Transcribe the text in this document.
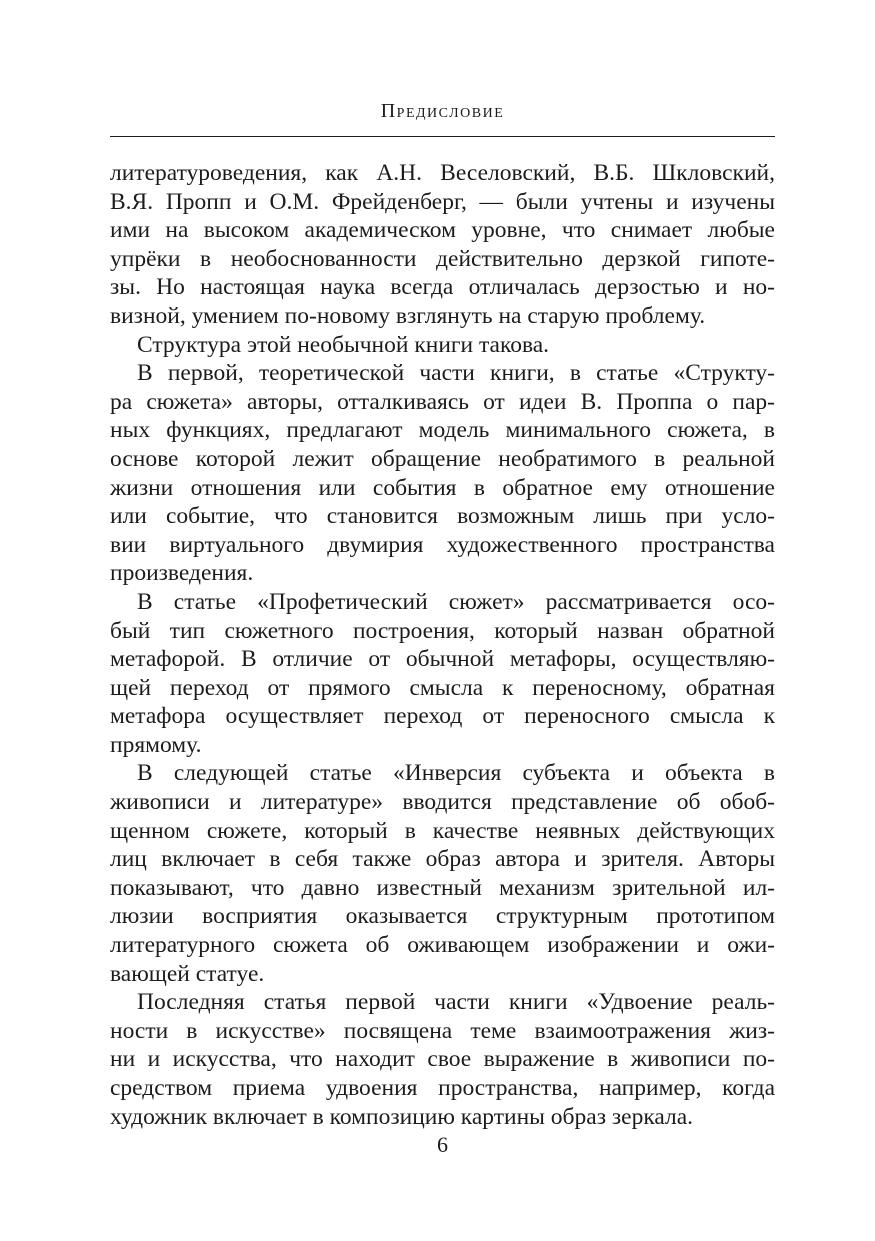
Предисловие
литературоведения, как А.Н. Веселовский, В.Б. Шкловский,
В.Я. Пропп и О.М. Фрейденберг, — были учтены и изучены
ими на высоком академическом уровне, что снимает любые
упрёки в необоснованности действительно дерзкой гипоте-
зы. Но настоящая наука всегда отличалась дерзостью и но-
визной, умением по-новому взглянуть на старую проблему.
Структура этой необычной книги такова.
В первой, теоретической части книги, в статье «Структу-
ра сюжета» авторы, отталкиваясь от идеи В. Проппа о пар-
ных функциях, предлагают модель минимального сюжета, в
основе которой лежит обращение необратимого в реальной
жизни отношения или события в обратное ему отношение
или событие, что становится возможным лишь при усло-
вии виртуального двумирия художественного пространства
произведения.
В статье «Профетический сюжет» рассматривается осо-
бый тип сюжетного построения, который назван обратной
метафорой. В отличие от обычной метафоры, осуществляю-
щей переход от прямого смысла к переносному, обратная
метафора осуществляет переход от переносного смысла к
прямому.
В следующей статье «Инверсия субъекта и объекта в
живописи и литературе» вводится представление об обоб-
щенном сюжете, который в качестве неявных действующих
лиц включает в себя также образ автора и зрителя. Авторы
показывают, что давно известный механизм зрительной ил-
люзии восприятия оказывается структурным прототипом
литературного сюжета об оживающем изображении и ожи-
вающей статуе.
Последняя статья первой части книги «Удвоение реаль-
ности в искусстве» посвящена теме взаимоотражения жиз-
ни и искусства, что находит свое выражение в живописи по-
средством приема удвоения пространства, например, когда
художник включает в композицию картины образ зеркала.
6
